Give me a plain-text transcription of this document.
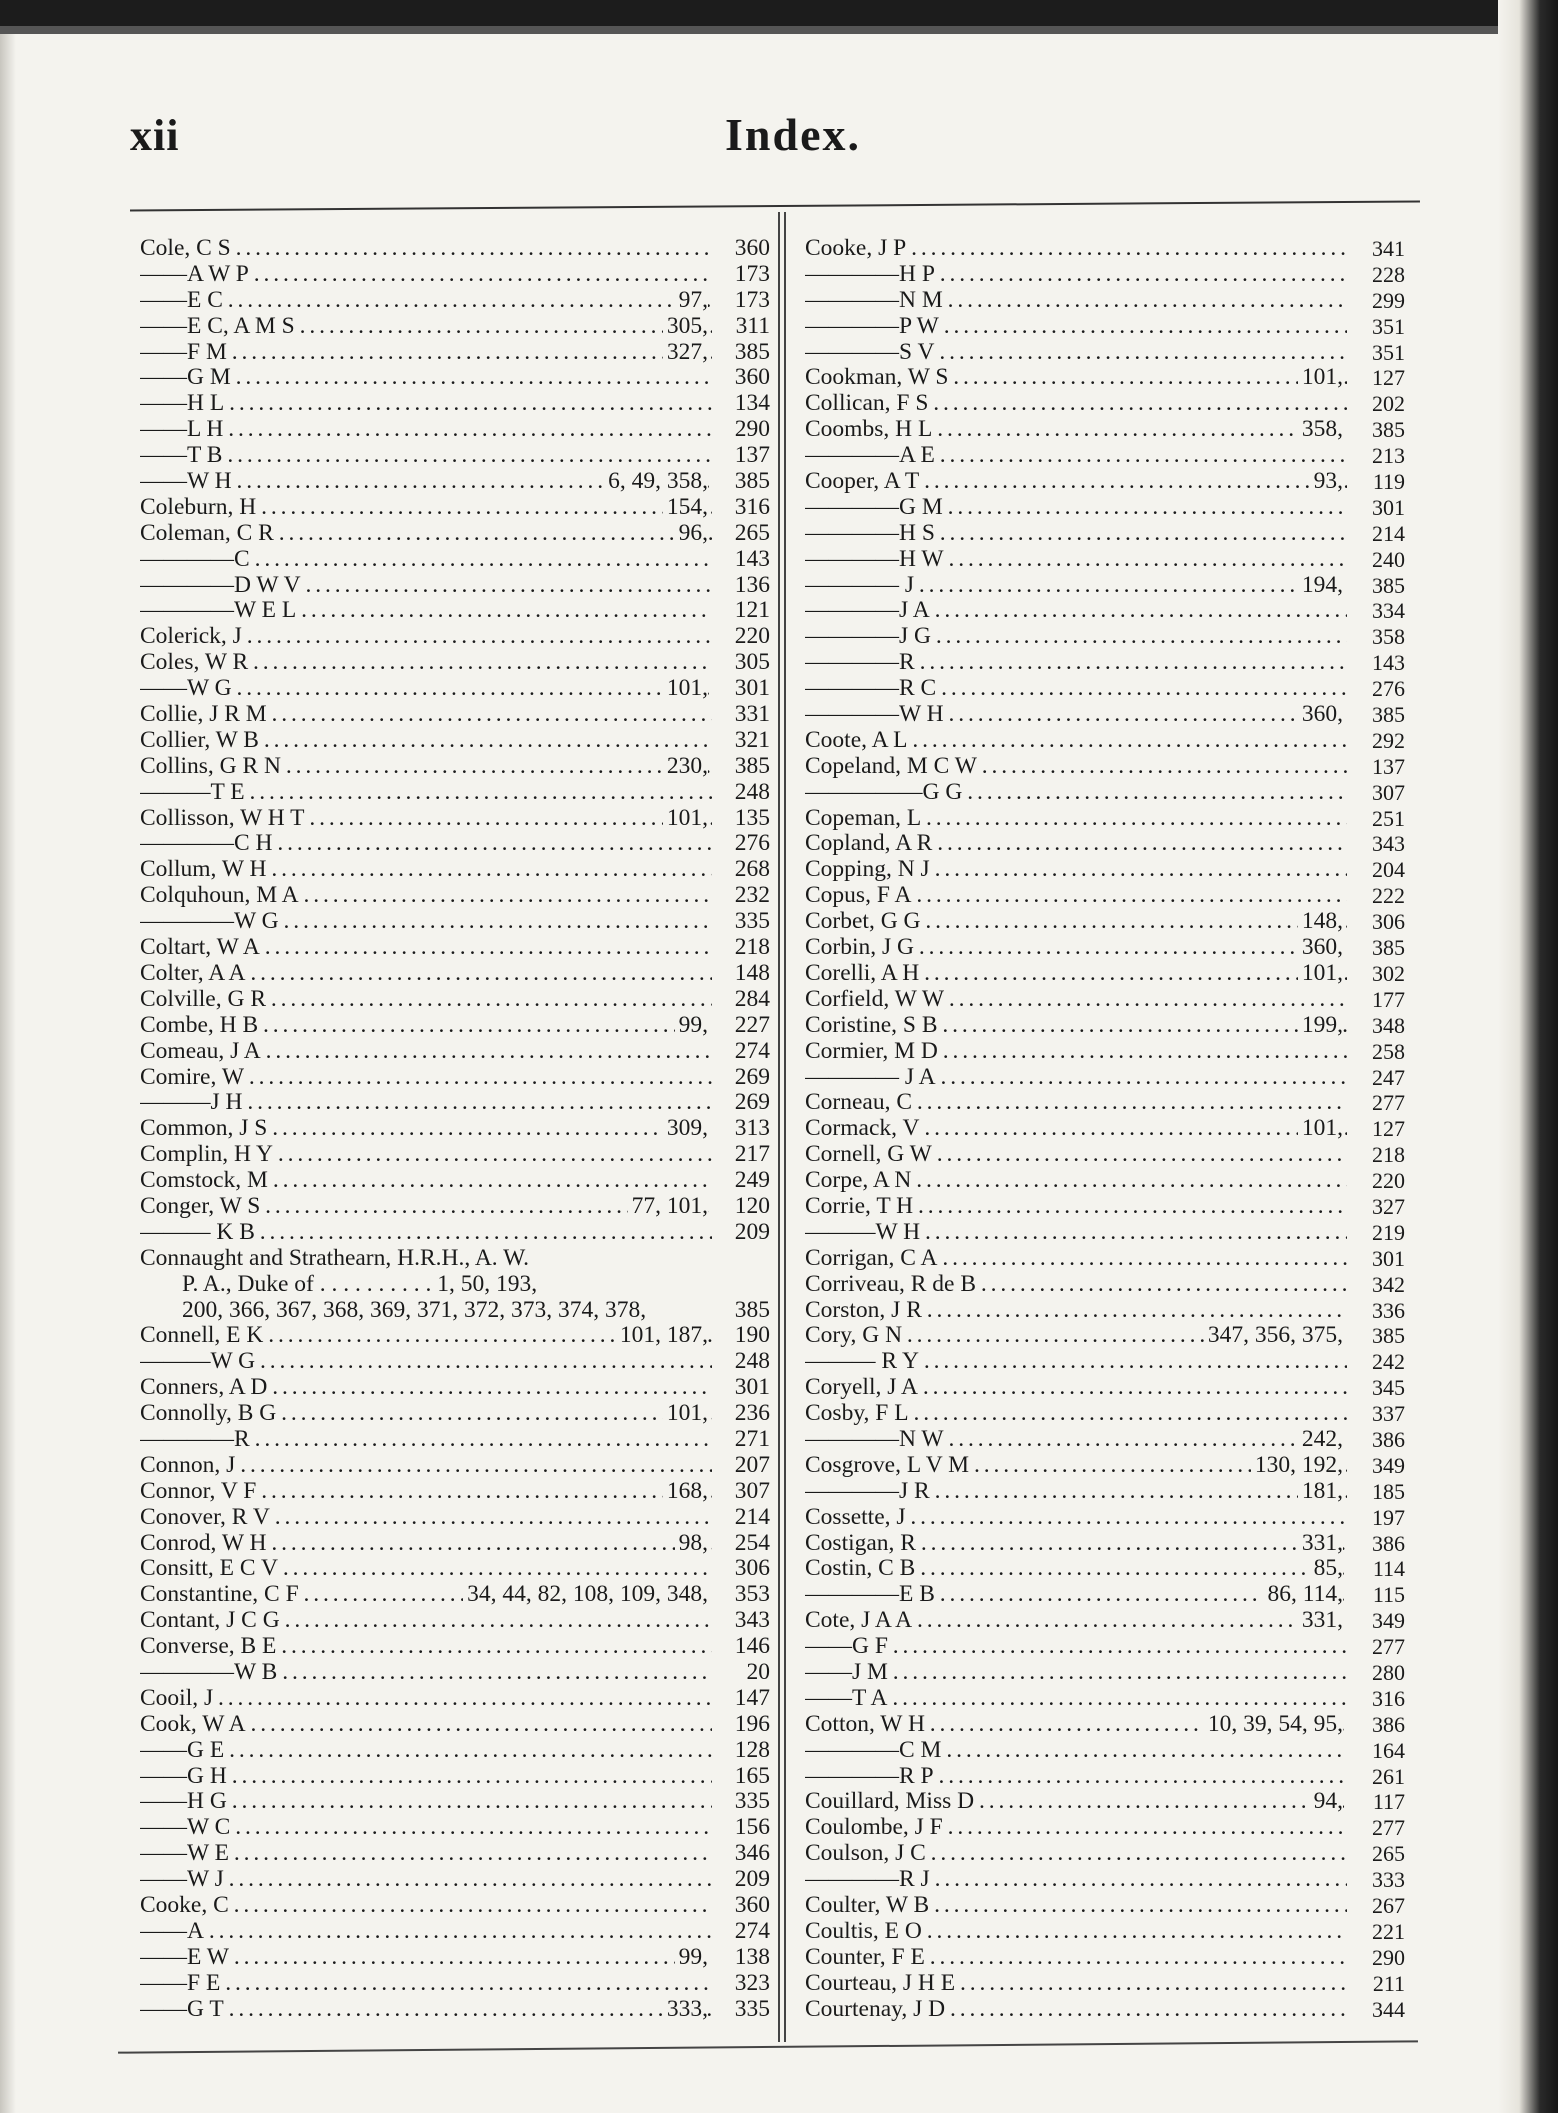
xii	Index.
Cole, C S . . .	360
——A W P . . .	173
——E C . . .	97,	173
——E C, A M S . . .	305,	311
——F M . . .	327,	385
——G M . . .	360
——H L . . .	134
——L H . . .	290
——T B . . .	137
——W H . . .	6, 49, 358,	385
Coleburn, H . . .	154,	316
Coleman, C R . . .	96,	265
————C . . .	143
————D W V . . .	136
————W E L . . .	121
Colerick, J . . .	220
Coles, W R . . .	305
——W G . . .	101,	301
Collie, J R M . . .	331
Collier, W B . . .	321
Collins, G R N . . .	230,	385
———T E . . .	248
Collisson, W H T . . .	101,	135
————C H . . .	276
Collum, W H . . .	268
Colquhoun, M A . . .	232
————W G . . .	335
Coltart, W A . . .	218
Colter, A A . . .	148
Colville, G R . . .	284
Combe, H B . . .	99,	227
Comeau, J A . . .	274
Comire, W . . .	269
———J H . . .	269
Common, J S . . .	309,	313
Complin, H Y . . .	217
Comstock, M . . .	249
Conger, W S . . .	77, 101,	120
——— K B . . .	209
Connaught and Strathearn, H.R.H., A. W.
P. A., Duke of . . . . . . . . . . 1, 50, 193,
200, 366, 367, 368, 369, 371, 372, 373, 374, 378,	385
Connell, E K . . .	101, 187,	190
———W G . . .	248
Conners, A D . . .	301
Connolly, B G . . .	101,	236
————R . . .	271
Connon, J . . .	207
Connor, V F . . .	168,	307
Conover, R V . . .	214
Conrod, W H . . .	98,	254
Consitt, E C V . . .	306
Constantine, C F . . .	34, 44, 82, 108, 109, 348,	353
Contant, J C G . . .	343
Converse, B E . . .	146
————W B . . .	20
Cooil, J . . .	147
Cook, W A . . .	196
——G E . . .	128
——G H . . .	165
——H G . . .	335
——W C . . .	156
——W E . . .	346
——W J . . .	209
Cooke, C . . .	360
——A . . .	274
——E W . . .	99,	138
——F E . . .	323
——G T . . .	333,	335
Cooke, J P . . .	341
————H P . . .	228
————N M . . .	299
————P W . . .	351
————S V . . .	351
Cookman, W S . . .	101,	127
Collican, F S . . .	202
Coombs, H L . . .	358,	385
————A E . . .	213
Cooper, A T . . .	93,	119
————G M . . .	301
————H S . . .	214
————H W . . .	240
———— J . . .	194,	385
————J A . . .	334
————J G . . .	358
————R . . .	143
————R C . . .	276
————W H . . .	360,	385
Coote, A L . . .	292
Copeland, M C W . . .	137
—————G G . . .	307
Copeman, L . . .	251
Copland, A R . . .	343
Copping, N J . . .	204
Copus, F A . . .	222
Corbet, G G . . .	148,	306
Corbin, J G . . .	360,	385
Corelli, A H . . .	101,	302
Corfield, W W . . .	177
Coristine, S B . . .	199,	348
Cormier, M D . . .	258
———— J A . . .	247
Corneau, C . . .	277
Cormack, V . . .	101,	127
Cornell, G W . . .	218
Corpe, A N . . .	220
Corrie, T H . . .	327
———W H . . .	219
Corrigan, C A . . .	301
Corriveau, R de B . . .	342
Corston, J R . . .	336
Cory, G N . . .	347, 356, 375,	385
——— R Y . . .	242
Coryell, J A . . .	345
Cosby, F L . . .	337
————N W . . .	242,	386
Cosgrove, L V M . . .	130, 192,	349
————J R . . .	181,	185
Cossette, J . . .	197
Costigan, R . . .	331,	386
Costin, C B . . .	85,	114
————E B . . .	86, 114,	115
Cote, J A A . . .	331,	349
——G F . . .	277
——J M . . .	280
——T A . . .	316
Cotton, W H . . .	10, 39, 54, 95,	386
————C M . . .	164
————R P . . .	261
Couillard, Miss D . . .	94,	117
Coulombe, J F . . .	277
Coulson, J C . . .	265
————R J . . .	333
Coulter, W B . . .	267
Coultis, E O . . .	221
Counter, F E . . .	290
Courteau, J H E . . .	211
Courtenay, J D . . .	344
